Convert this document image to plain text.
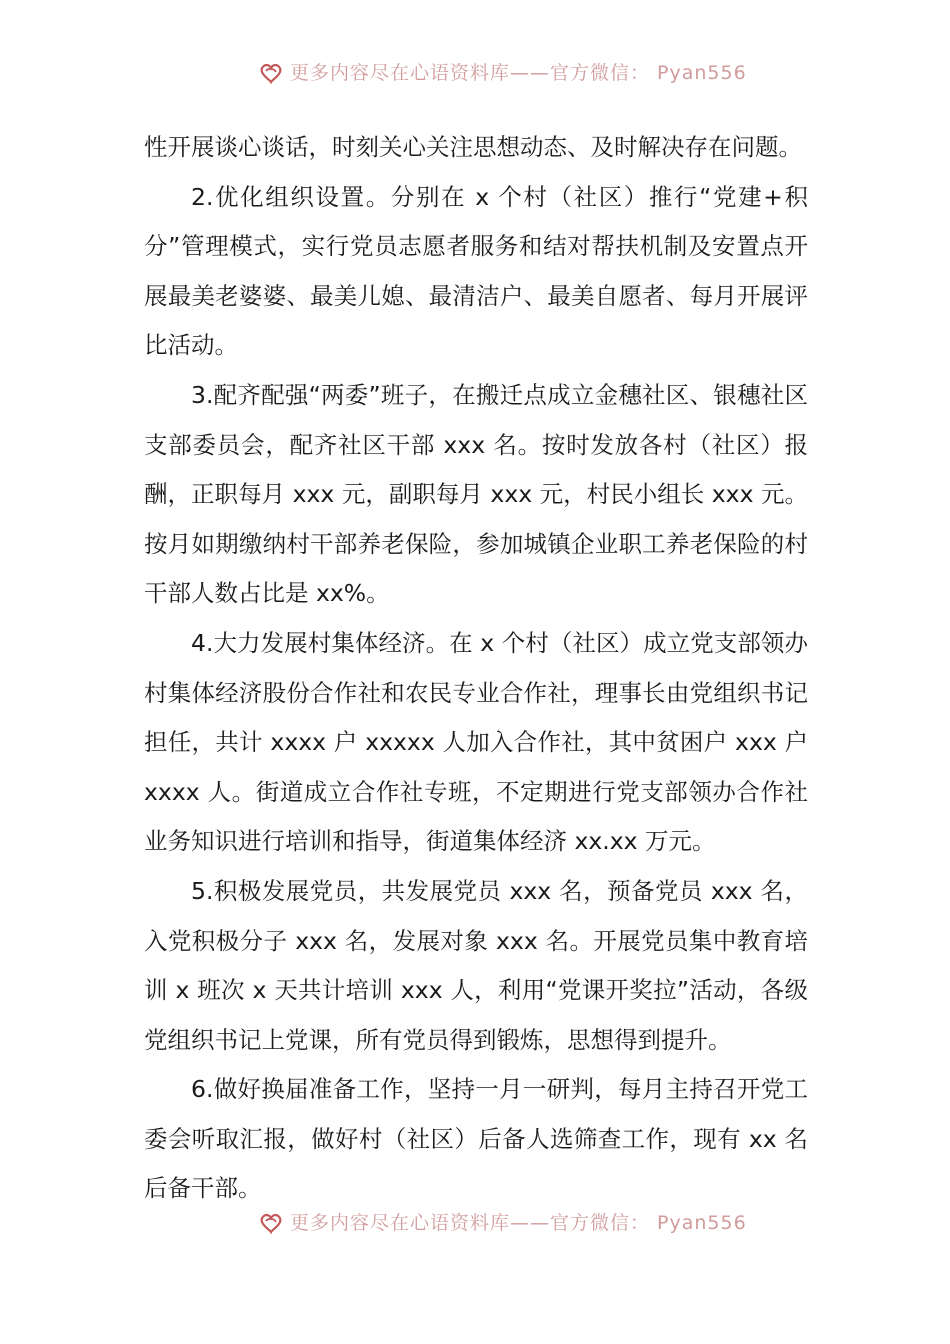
更多内容尽在心语资料库——官方微信： Pyan556

性开展谈心谈话，时刻关心关注思想动态、及时解决存在问题。

2.优化组织设置。分别在 x 个村（社区）推行“党建+积分”管理模式，实行党员志愿者服务和结对帮扶机制及安置点开展最美老婆婆、最美儿媳、最清洁户、最美自愿者、每月开展评比活动。

3.配齐配强“两委”班子，在搬迁点成立金穗社区、银穗社区支部委员会，配齐社区干部 xxx 名。按时发放各村（社区）报酬，正职每月 xxx 元，副职每月 xxx 元，村民小组长 xxx 元。按月如期缴纳村干部养老保险，参加城镇企业职工养老保险的村干部人数占比是 xx%。

4.大力发展村集体经济。在 x 个村（社区）成立党支部领办村集体经济股份合作社和农民专业合作社，理事长由党组织书记担任，共计 xxxx 户 xxxxx 人加入合作社，其中贫困户 xxx 户 xxxx 人。街道成立合作社专班，不定期进行党支部领办合作社业务知识进行培训和指导，街道集体经济 xx.xx 万元。

5.积极发展党员，共发展党员 xxx 名，预备党员 xxx 名，入党积极分子 xxx 名，发展对象 xxx 名。开展党员集中教育培训 x 班次 x 天共计培训 xxx 人，利用“党课开奖拉”活动，各级党组织书记上党课，所有党员得到锻炼，思想得到提升。

6.做好换届准备工作，坚持一月一研判，每月主持召开党工委会听取汇报，做好村（社区）后备人选筛查工作，现有 xx 名后备干部。

更多内容尽在心语资料库——官方微信： Pyan556
